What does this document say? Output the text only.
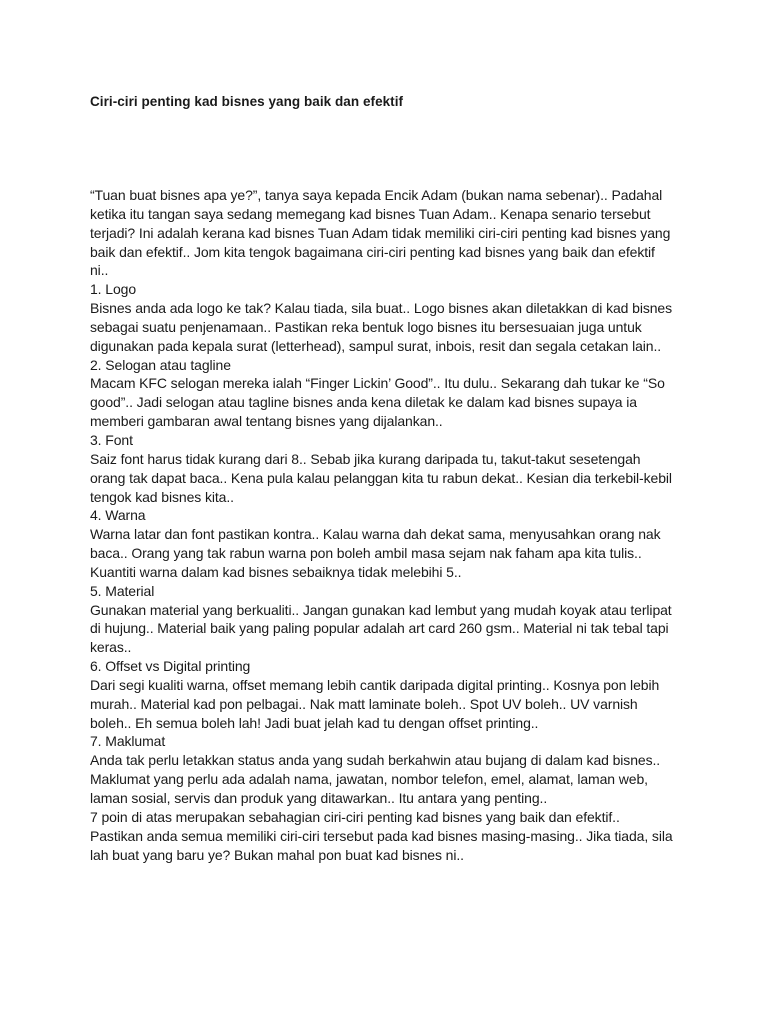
Ciri-ciri penting kad bisnes yang baik dan efektif
“Tuan buat bisnes apa ye?”, tanya saya kepada Encik Adam (bukan nama sebenar).. Padahal
ketika itu tangan saya sedang memegang kad bisnes Tuan Adam.. Kenapa senario tersebut
terjadi? Ini adalah kerana kad bisnes Tuan Adam tidak memiliki ciri-ciri penting kad bisnes yang
baik dan efektif.. Jom kita tengok bagaimana ciri-ciri penting kad bisnes yang baik dan efektif
ni..
1. Logo
Bisnes anda ada logo ke tak? Kalau tiada, sila buat.. Logo bisnes akan diletakkan di kad bisnes
sebagai suatu penjenamaan.. Pastikan reka bentuk logo bisnes itu bersesuaian juga untuk
digunakan pada kepala surat (letterhead), sampul surat, inbois, resit dan segala cetakan lain..
2. Selogan atau tagline
Macam KFC selogan mereka ialah “Finger Lickin’ Good”.. Itu dulu.. Sekarang dah tukar ke “So
good”.. Jadi selogan atau tagline bisnes anda kena diletak ke dalam kad bisnes supaya ia
memberi gambaran awal tentang bisnes yang dijalankan..
3. Font
Saiz font harus tidak kurang dari 8.. Sebab jika kurang daripada tu, takut-takut sesetengah
orang tak dapat baca.. Kena pula kalau pelanggan kita tu rabun dekat.. Kesian dia terkebil-kebil
tengok kad bisnes kita..
4. Warna
Warna latar dan font pastikan kontra.. Kalau warna dah dekat sama, menyusahkan orang nak
baca.. Orang yang tak rabun warna pon boleh ambil masa sejam nak faham apa kita tulis..
Kuantiti warna dalam kad bisnes sebaiknya tidak melebihi 5..
5. Material
Gunakan material yang berkualiti.. Jangan gunakan kad lembut yang mudah koyak atau terlipat
di hujung.. Material baik yang paling popular adalah art card 260 gsm.. Material ni tak tebal tapi
keras..
6. Offset vs Digital printing
Dari segi kualiti warna, offset memang lebih cantik daripada digital printing.. Kosnya pon lebih
murah.. Material kad pon pelbagai.. Nak matt laminate boleh.. Spot UV boleh.. UV varnish
boleh.. Eh semua boleh lah! Jadi buat jelah kad tu dengan offset printing..
7. Maklumat
Anda tak perlu letakkan status anda yang sudah berkahwin atau bujang di dalam kad bisnes..
Maklumat yang perlu ada adalah nama, jawatan, nombor telefon, emel, alamat, laman web,
laman sosial, servis dan produk yang ditawarkan.. Itu antara yang penting..
7 poin di atas merupakan sebahagian ciri-ciri penting kad bisnes yang baik dan efektif..
Pastikan anda semua memiliki ciri-ciri tersebut pada kad bisnes masing-masing.. Jika tiada, sila
lah buat yang baru ye? Bukan mahal pon buat kad bisnes ni..
